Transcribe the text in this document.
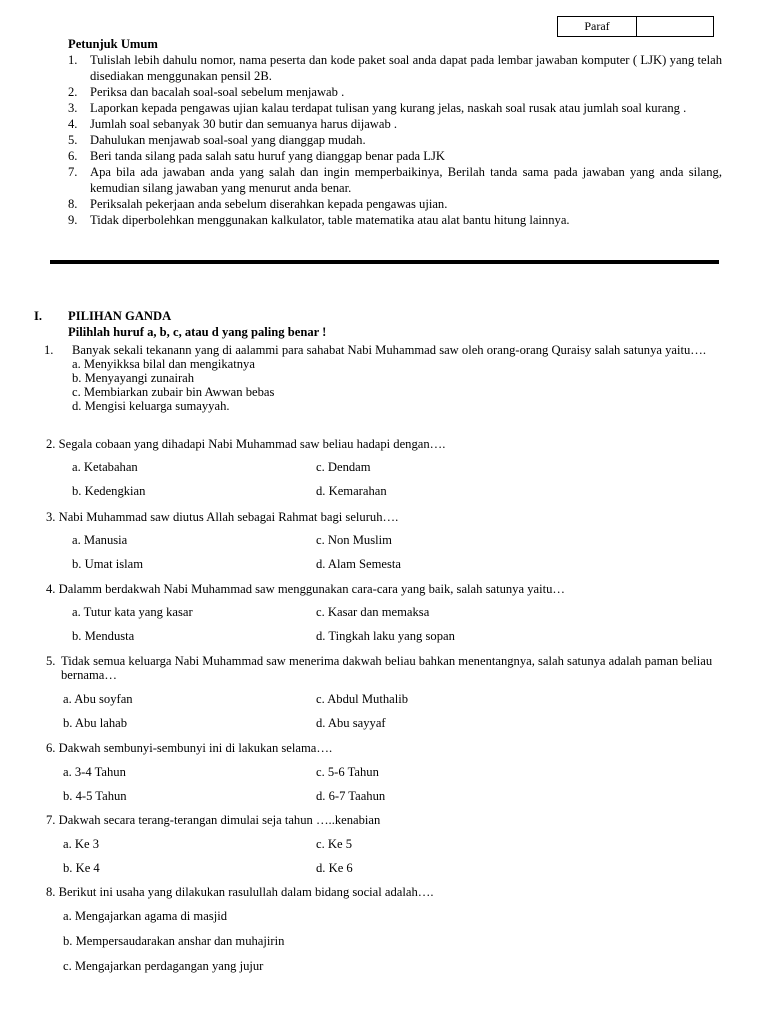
Paraf
Petunjuk Umum
1. Tulislah lebih dahulu nomor, nama peserta dan kode paket soal anda dapat pada lembar jawaban komputer ( LJK) yang telah disediakan menggunakan pensil 2B.
2. Periksa dan bacalah soal-soal sebelum menjawab .
3. Laporkan kepada pengawas ujian kalau terdapat tulisan yang kurang jelas, naskah soal rusak atau jumlah soal kurang .
4. Jumlah soal sebanyak 30 butir dan semuanya harus dijawab .
5. Dahulukan menjawab soal-soal yang dianggap mudah.
6. Beri tanda silang pada salah satu huruf yang dianggap benar pada LJK
7. Apa bila ada jawaban anda yang salah dan ingin memperbaikinya, Berilah tanda sama pada jawaban yang anda silang, kemudian silang jawaban yang menurut anda benar.
8. Periksalah pekerjaan anda sebelum diserahkan kepada pengawas ujian.
9. Tidak diperbolehkan menggunakan kalkulator, table matematika atau alat bantu hitung lainnya.
I. PILIHAN GANDA
Pilihlah huruf a, b, c, atau d yang paling benar !
1.	Banyak sekali tekanann yang di aalammi para sahabat Nabi Muhammad saw oleh orang-orang Quraisy salah satunya yaitu….
a. Menyikksa bilal dan mengikatnya
b. Menyayangi zunairah
c. Membiarkan zubair bin Awwan bebas
d. Mengisi keluarga sumayyah.
2. Segala cobaan yang dihadapi Nabi Muhammad saw beliau hadapi dengan….
a. Ketabahan	c. Dendam
b. Kedengkian	d. Kemarahan
3. Nabi Muhammad saw diutus Allah sebagai Rahmat bagi seluruh….
a. Manusia	c. Non Muslim
b. Umat islam	d. Alam Semesta
4. Dalamm berdakwah Nabi Muhammad saw menggunakan cara-cara yang baik, salah satunya yaitu…
a. Tutur kata yang kasar	c. Kasar dan memaksa
b. Mendusta	d. Tingkah laku yang sopan
5. Tidak semua keluarga Nabi Muhammad saw menerima dakwah beliau bahkan menentangnya, salah satunya adalah paman beliau bernama…
a. Abu soyfan	c. Abdul Muthalib
b. Abu lahab	d. Abu sayyaf
6. Dakwah sembunyi-sembunyi ini di lakukan selama….
a. 3-4 Tahun	c. 5-6 Tahun
b. 4-5 Tahun	d. 6-7 Taahun
7. Dakwah secara terang-terangan dimulai seja tahun …..kenabian
a. Ke 3	c. Ke 5
b. Ke 4	d. Ke 6
8. Berikut ini usaha yang dilakukan rasulullah dalam bidang social adalah….
a. Mengajarkan agama di masjid
b. Mempersaudarakan anshar dan muhajirin
c. Mengajarkan perdagangan yang jujur
